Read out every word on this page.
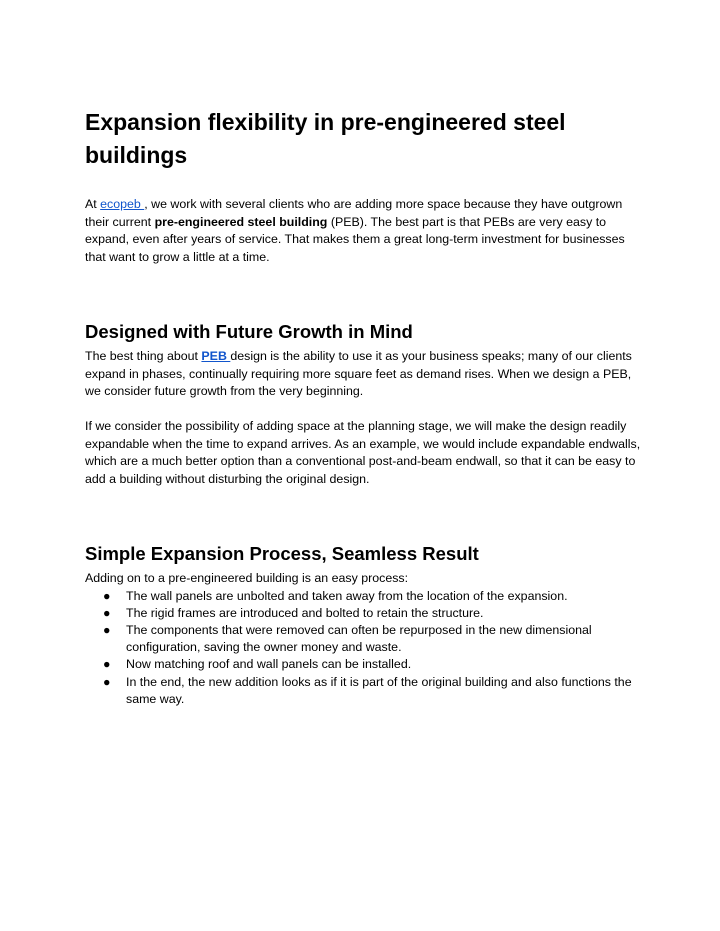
Expansion flexibility in pre-engineered steel buildings

At ecopeb , we work with several clients who are adding more space because they have outgrown their current pre-engineered steel building (PEB). The best part is that PEBs are very easy to expand, even after years of service. That makes them a great long-term investment for businesses that want to grow a little at a time.

Designed with Future Growth in Mind

The best thing about PEB design is the ability to use it as your business speaks; many of our clients expand in phases, continually requiring more square feet as demand rises. When we design a PEB, we consider future growth from the very beginning.

If we consider the possibility of adding space at the planning stage, we will make the design readily expandable when the time to expand arrives. As an example, we would include expandable endwalls, which are a much better option than a conventional post-and-beam endwall, so that it can be easy to add a building without disturbing the original design.

Simple Expansion Process, Seamless Result

Adding on to a pre-engineered building is an easy process:

● The wall panels are unbolted and taken away from the location of the expansion.
● The rigid frames are introduced and bolted to retain the structure.
● The components that were removed can often be repurposed in the new dimensional configuration, saving the owner money and waste.
● Now matching roof and wall panels can be installed.
● In the end, the new addition looks as if it is part of the original building and also functions the same way.
